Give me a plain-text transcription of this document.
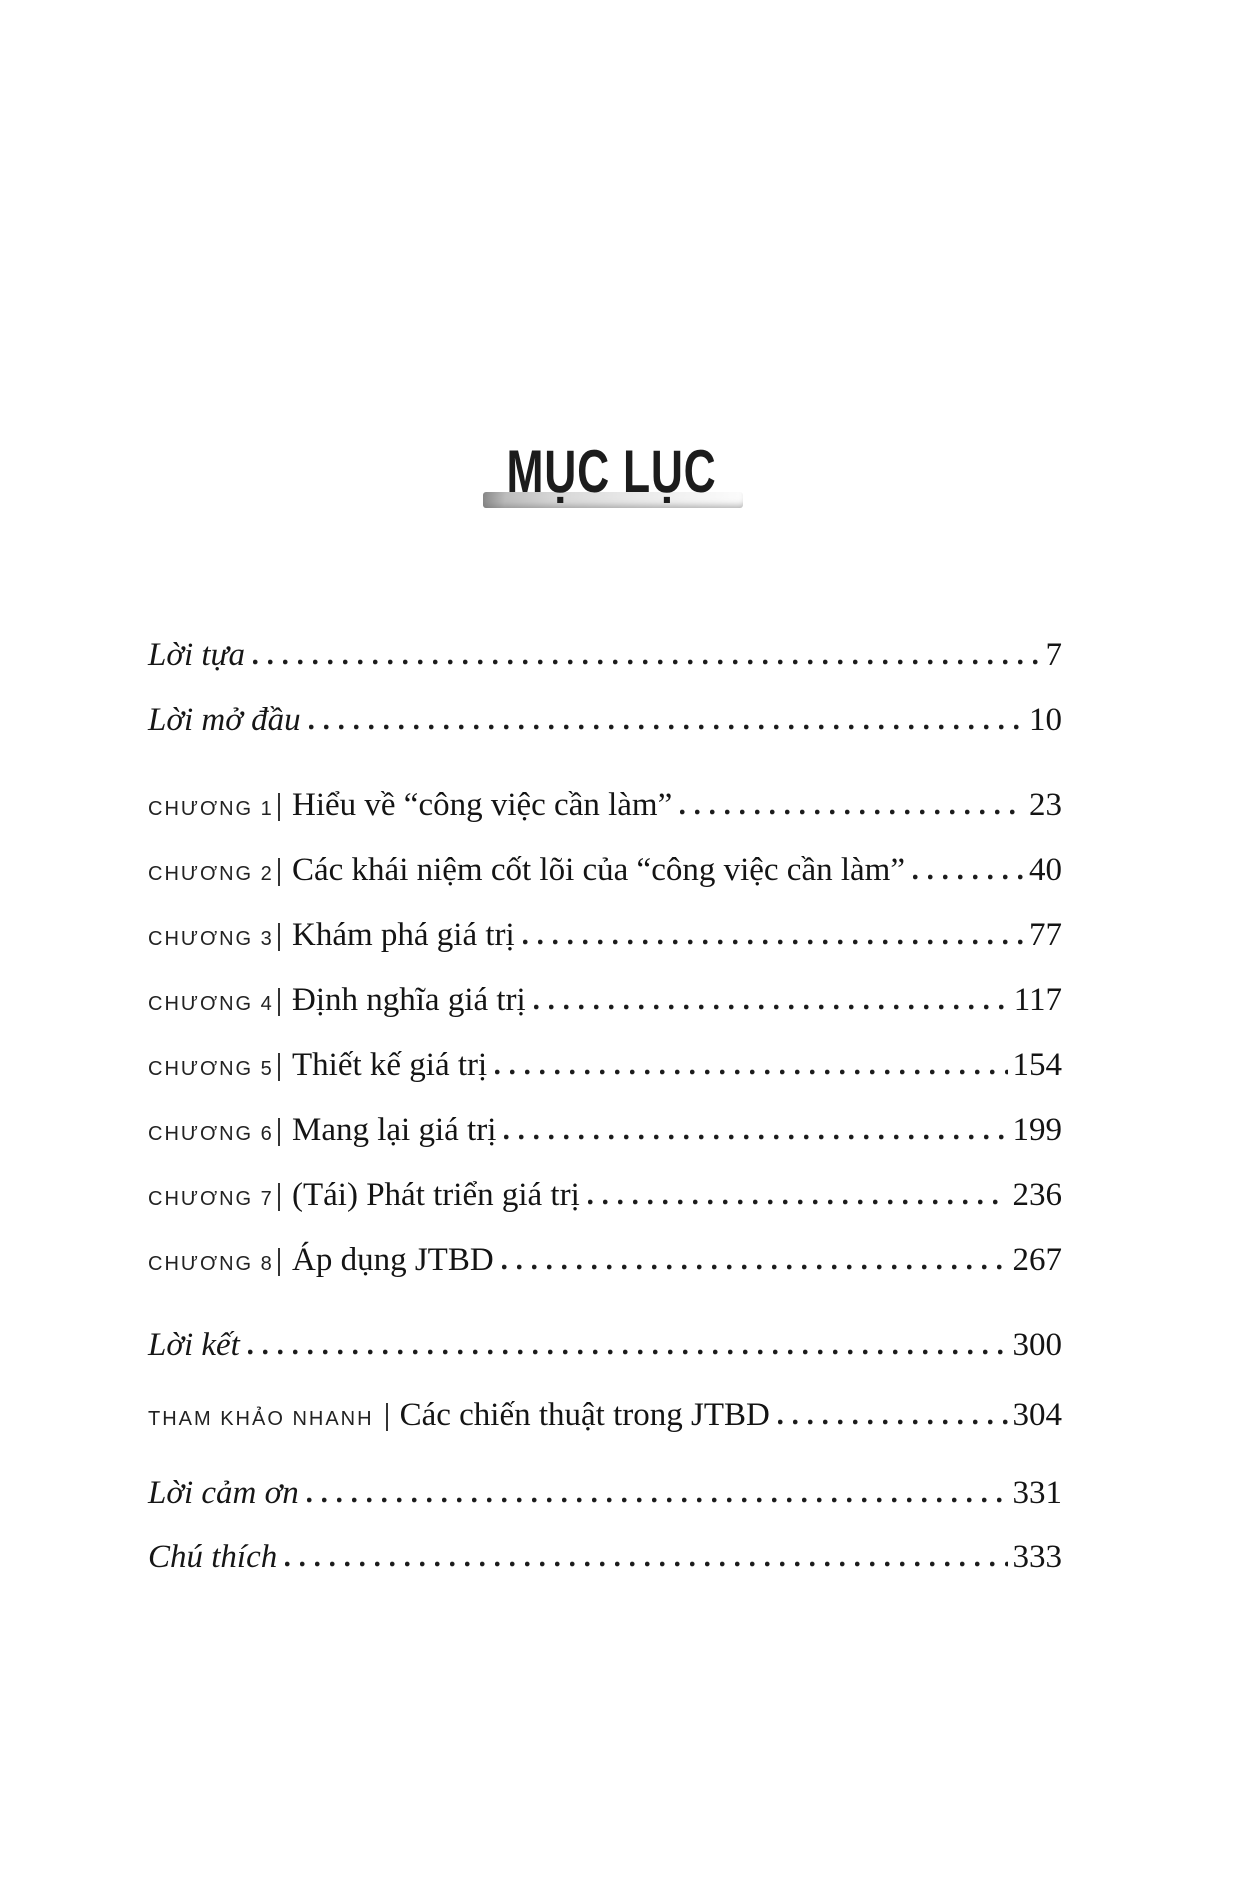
MỤC LỤC
Lời tựa	7
Lời mở đầu	10
CHƯƠNG 1 Hiểu về “công việc cần làm”	23
CHƯƠNG 2 Các khái niệm cốt lõi của “công việc cần làm”	40
CHƯƠNG 3 Khám phá giá trị	77
CHƯƠNG 4 Định nghĩa giá trị	117
CHƯƠNG 5 Thiết kế giá trị	154
CHƯƠNG 6 Mang lại giá trị	199
CHƯƠNG 7 (Tái) Phát triển giá trị	236
CHƯƠNG 8 Áp dụng JTBD	267
Lời kết	300
THAM KHẢO NHANH Các chiến thuật trong JTBD	304
Lời cảm ơn	331
Chú thích	333
